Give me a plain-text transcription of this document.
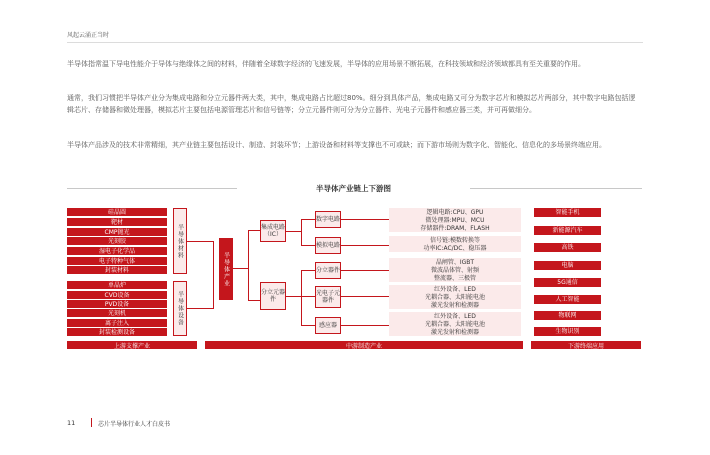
风起云涌正当时

半导体指常温下导电性能介于导体与绝缘体之间的材料，伴随着全球数字经济的飞速发展，半导体的应用场景不断拓展，在科技领域和经济领域都具有至关重要的作用。

通常，我们习惯把半导体产业分为集成电路和分立元器件两大类，其中，集成电路占比超过80%。细分到具体产品，集成电路又可分为数字芯片和模拟芯片两部分，其中数字电路包括逻辑芯片、存储器和微处理器，模拟芯片主要包括电源管理芯片和信号链等；分立元器件则可分为分立器件、光电子元器件和感应器三类，并可再做细分。

半导体产品涉及的技术非常精细，其产业链主要包括设计、制造、封装环节；上游设备和材料等支撑也不可或缺；而下游市场则为数字化、智能化、信息化的多场景终端应用。

半导体产业链上下游图
硅晶圆
靶材
CMP抛光
光刻胶
湿电子化学品
电子特种气体
封装材料
半导体材料
单晶炉
CVD设备
PVD设备
光刻机
离子注入
封装检测设备
半导体设备
半导体产业
集成电路（IC）
分立元器件
数字电路
模拟电路
分立器件
光电子元器件
感应器
逻辑电路:CPU、GPU
微处理器:MPU、MCU
存储器件:DRAM、FLASH
信号链:模数转换等
功率IC:AC/DC、稳压器
晶闸管、IGBT
微波晶体管、射频
整流器、三极管
红外设备、LED
光耦合器、太阳能电池
激光发射和检测器
红外设备、LED
光耦合器、太阳能电池
激光发射和检测器
智能手机
新能源汽车
高铁
电脑
5G通信
人工智能
物联网
生物识别
上游支撑产业	中游制造产业	下游终端应用
11	芯片半导体行业人才白皮书
